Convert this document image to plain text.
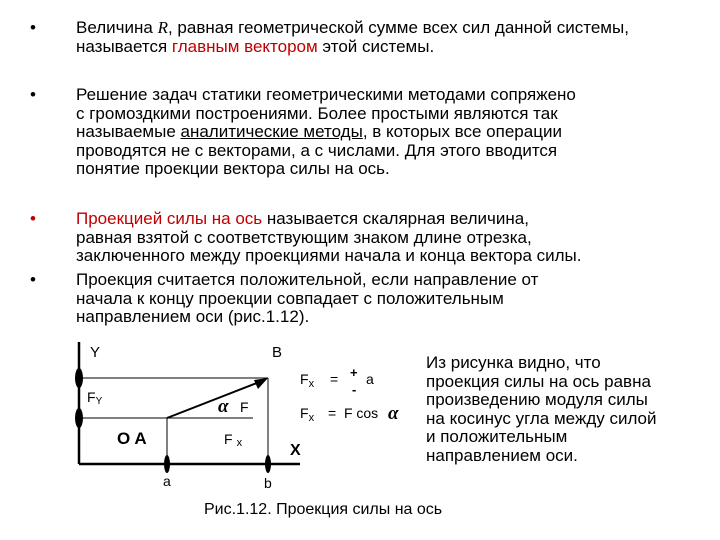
•	Величина R, равная геометрической сумме всех сил данной системы, называется главным вектором этой системы.
•	Решение задач статики геометрическими методами сопряжено
с громоздкими построениями. Более простыми являются так
называемые аналитические методы, в которых все операции
проводятся не с векторами, а с числами. Для этого вводится
понятие проекции вектора силы на ось.
•	Проекцией силы на ось называется скалярная величина,
равная взятой с соответствующим знаком длине отрезка,
заключенного между проекциями начала и конца вектора силы.
•	Проекция считается положительной, если направление от
начала к концу проекции совпадает с положительным
направлением оси (рис.1.12).
Y	B
FY	α F
O A	F x	X
a	b
$F_x$ = +
-
a
$F_x = F$ cos α
Из рисунка видно, что
проекция силы на ось равна
произведению модуля силы
на косинус угла между силой
и положительным
направлением оси.
Рис.1.12. Проекция силы на ось
